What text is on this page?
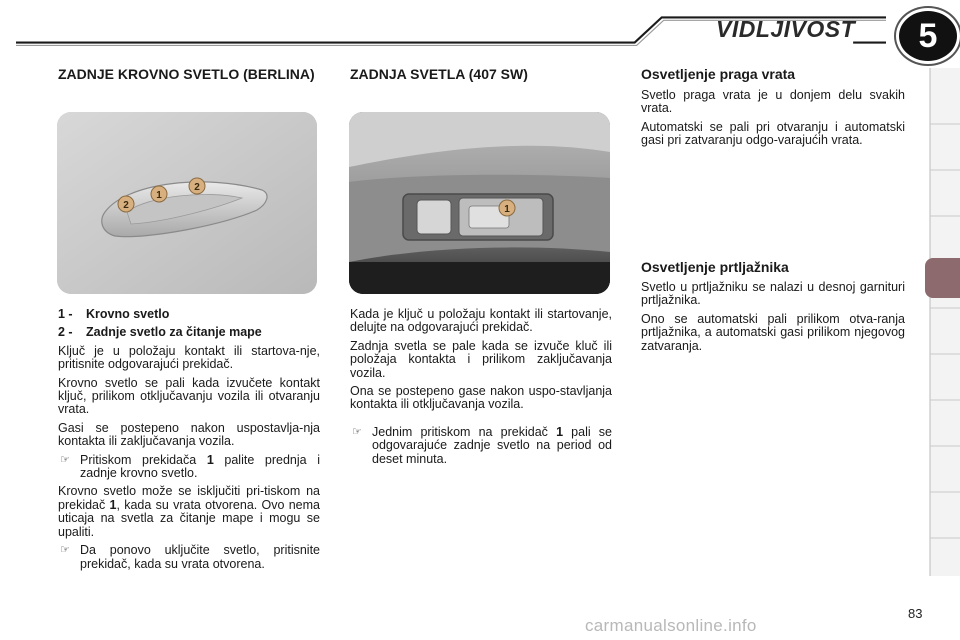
VIDLJIVOST	5
ZADNJE KROVNO SVETLO (BERLINA)	ZADNJA SVETLA (407 SW)	Osvetljenje praga vrata
Osvetljenje prtljažnika
2
1
2
1

1 - Krovno svetlo

2 - Zadnje svetlo za čitanje mape

Ključ je u položaju kontakt ili startova-nje, pritisnite odgovarajući prekidač.

Krovno svetlo se pali kada izvučete kontakt ključ, prilikom otključavanju vozila ili otvaranju vrata.

Gasi se postepeno nakon uspostavlja-nja kontakta ili zaključavanja vozila.

☞ Pritiskom prekidača 1 palite prednja i zadnje krovno svetlo.

Krovno svetlo može se isključiti pri-tiskom na prekidač 1, kada su vrata otvorena. Ovo nema uticaja na svetla za čitanje mape i mogu se upaliti.

☞ Da ponovo uključite svetlo, pritisnite prekidač, kada su vrata otvorena.

Kada je ključ u položaju kontakt ili startovanje, delujte na odgovarajući prekidač.

Zadnja svetla se pale kada se izvuče kluč ili položaja kontakta i prilikom zaključavanja vozila.

Ona se postepeno gase nakon uspo-stavljanja kontakta ili otključavanja vozila.

☞ Jednim pritiskom na prekidač 1 pali se odgovarajuće zadnje svetlo na period od deset minuta.

Svetlo praga vrata je u donjem delu svakih vrata.

Automatski se pali pri otvaranju i automatski gasi pri zatvaranju odgo-varajućih vrata.

Svetlo u prtljažniku se nalazi u desnoj garnituri prtljažnika.

Ono se automatski pali prilikom otva-ranja prtljažnika, a automatski gasi prilikom njegovog zatvaranja.

83
carmanualsonline.info
